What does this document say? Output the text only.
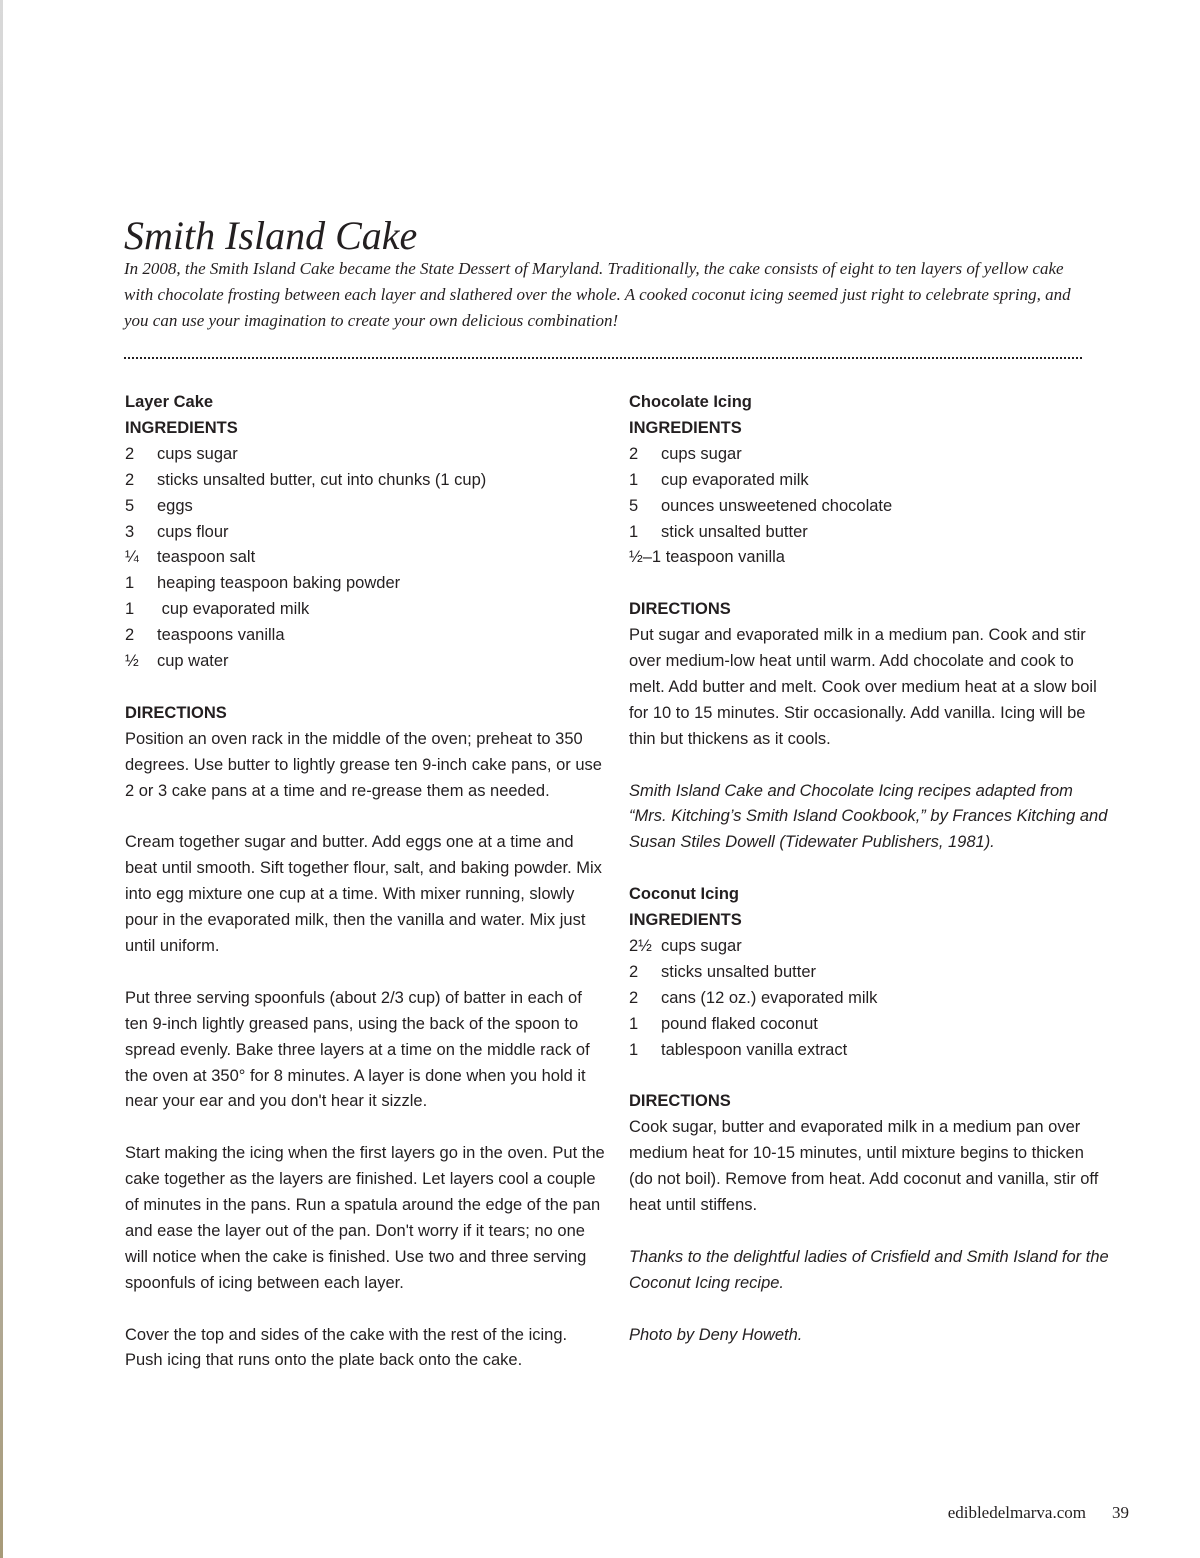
Smith Island Cake

In 2008, the Smith Island Cake became the State Dessert of Maryland. Traditionally, the cake consists of eight to ten layers of yellow cake with chocolate frosting between each layer and slathered over the whole. A cooked coconut icing seemed just right to celebrate spring, and you can use your imagination to create your own delicious combination!

Layer Cake

INGREDIENTS

2	cups sugar
2	sticks unsalted butter, cut into chunks (1 cup)
5	eggs
3	cups flour
¼	teaspoon salt
1	heaping teaspoon baking powder
1	cup evaporated milk
2	teaspoons vanilla
½	cup water

DIRECTIONS

Position an oven rack in the middle of the oven; preheat to 350 degrees. Use butter to lightly grease ten 9-inch cake pans, or use 2 or 3 cake pans at a time and re-grease them as needed.

Cream together sugar and butter. Add eggs one at a time and beat until smooth. Sift together flour, salt, and baking powder. Mix into egg mixture one cup at a time. With mixer running, slowly pour in the evaporated milk, then the vanilla and water. Mix just until uniform.

Put three serving spoonfuls (about 2/3 cup) of batter in each of ten 9-inch lightly greased pans, using the back of the spoon to spread evenly. Bake three layers at a time on the middle rack of the oven at 350° for 8 minutes. A layer is done when you hold it near your ear and you don't hear it sizzle.

Start making the icing when the first layers go in the oven. Put the cake together as the layers are finished. Let layers cool a couple of minutes in the pans. Run a spatula around the edge of the pan and ease the layer out of the pan. Don't worry if it tears; no one will notice when the cake is finished. Use two and three serving spoonfuls of icing between each layer.

Cover the top and sides of the cake with the rest of the icing. Push icing that runs onto the plate back onto the cake.

Chocolate Icing

INGREDIENTS

2	cups sugar
1	cup evaporated milk
5	ounces unsweetened chocolate
1	stick unsalted butter

½–1 teaspoon vanilla

DIRECTIONS

Put sugar and evaporated milk in a medium pan. Cook and stir over medium-low heat until warm. Add chocolate and cook to melt. Add butter and melt. Cook over medium heat at a slow boil for 10 to 15 minutes. Stir occasionally. Add vanilla. Icing will be thin but thickens as it cools.

Smith Island Cake and Chocolate Icing recipes adapted from “Mrs. Kitching’s Smith Island Cookbook,” by Frances Kitching and Susan Stiles Dowell (Tidewater Publishers, 1981).

Coconut Icing

INGREDIENTS

2½ cups sugar
2	sticks unsalted butter
2	cans (12 oz.) evaporated milk
1	pound flaked coconut
1	tablespoon vanilla extract

DIRECTIONS

Cook sugar, butter and evaporated milk in a medium pan over medium heat for 10-15 minutes, until mixture begins to thicken (do not boil). Remove from heat. Add coconut and vanilla, stir off heat until stiffens.

Thanks to the delightful ladies of Crisfield and Smith Island for the Coconut Icing recipe.

Photo by Deny Howeth.

edibledelmarva.com 39
